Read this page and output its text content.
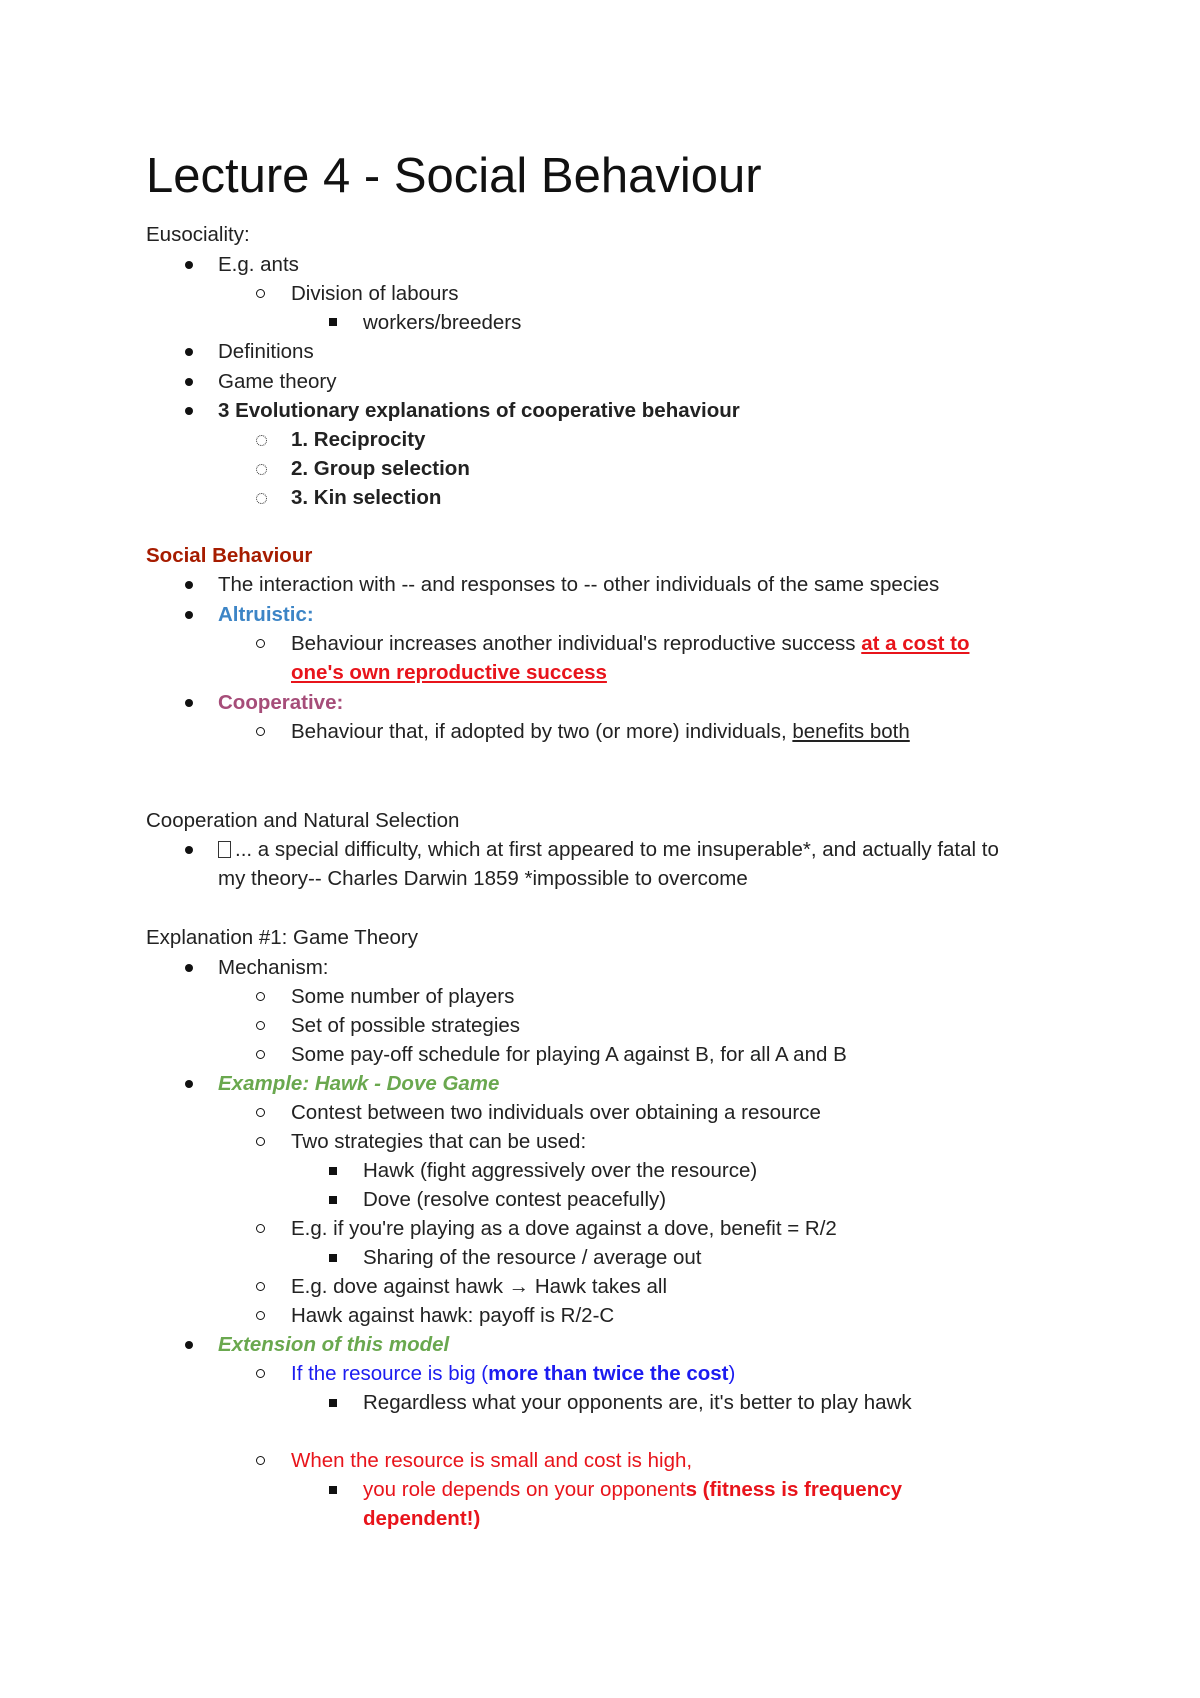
Lecture 4 - Social Behaviour
Eusociality:
E.g. ants
Division of labours
workers/breeders
Definitions
Game theory
3 Evolutionary explanations of cooperative behaviour
1. Reciprocity
2. Group selection
3. Kin selection
Social Behaviour
The interaction with -- and responses to -- other individuals of the same species
Altruistic:
Behaviour increases another individual's reproductive success at a cost to
one's own reproductive success
Cooperative:
Behaviour that, if adopted by two (or more) individuals, benefits both
Cooperation and Natural Selection
... a special difficulty, which at first appeared to me insuperable*, and actually fatal to
my theory-- Charles Darwin 1859 *impossible to overcome
Explanation #1: Game Theory
Mechanism:
Some number of players
Set of possible strategies
Some pay-off schedule for playing A against B, for all A and B
Example: Hawk - Dove Game
Contest between two individuals over obtaining a resource
Two strategies that can be used:
Hawk (fight aggressively over the resource)
Dove (resolve contest peacefully)
E.g. if you're playing as a dove against a dove, benefit = R/2
Sharing of the resource / average out
E.g. dove against hawk → Hawk takes all
Hawk against hawk: payoff is R/2-C
Extension of this model
If the resource is big (more than twice the cost)
Regardless what your opponents are, it's better to play hawk
When the resource is small and cost is high,
you role depends on your opponents (fitness is frequency
dependent!)
